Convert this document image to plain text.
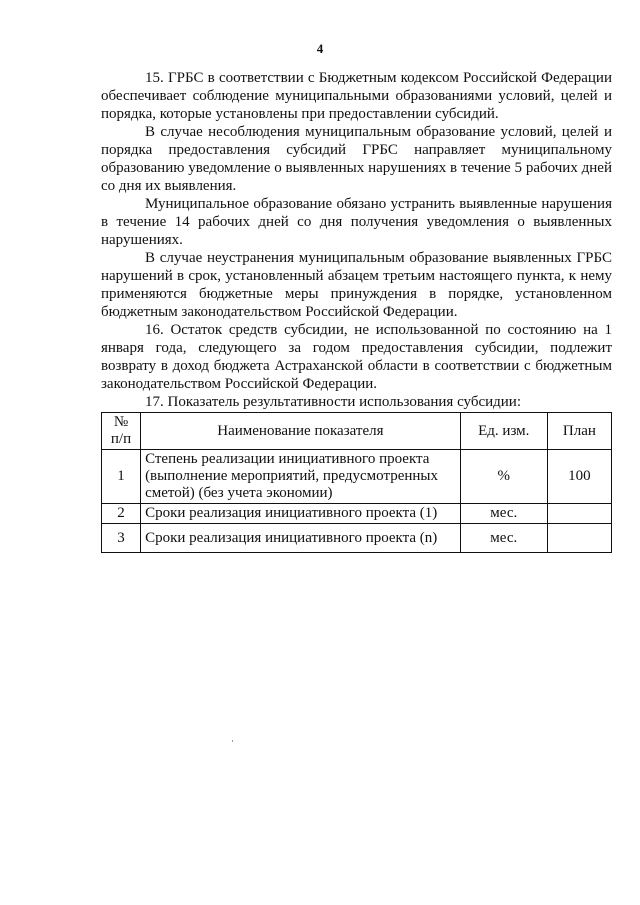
4

15. ГРБС в соответствии с Бюджетным кодексом Российской Федерации обеспечивает соблюдение муниципальными образованиями условий, целей и порядка, которые установлены при предоставлении субсидий.

В случае несоблюдения муниципальным образование условий, целей и порядка предоставления субсидий ГРБС направляет муниципальному образованию уведомление о выявленных нарушениях в течение 5 рабочих дней со дня их выявления.

Муниципальное образование обязано устранить выявленные нарушения в течение 14 рабочих дней со дня получения уведомления о выявленных нарушениях.

В случае неустранения муниципальным образование выявленных ГРБС нарушений в срок, установленный абзацем третьим настоящего пункта, к нему применяются бюджетные меры принуждения в порядке, установленном бюджетным законодательством Российской Федерации.

16. Остаток средств субсидии, не использованной по состоянию на 1 января года, следующего за годом предоставления субсидии, подлежит возврату в доход бюджета Астраханской области в соответствии с бюджетным законодательством Российской Федерации.

17. Показатель результативности использования субсидии:

№ п/п	Наименование показателя	Ед. изм.	План
1	Степень реализации инициативного проекта (выполнение мероприятий, предусмотренных сметой) (без учета экономии)	%	100
2	Сроки реализация инициативного проекта (1)	мес.	
3	Сроки реализация инициативного проекта (n)	мес.	
